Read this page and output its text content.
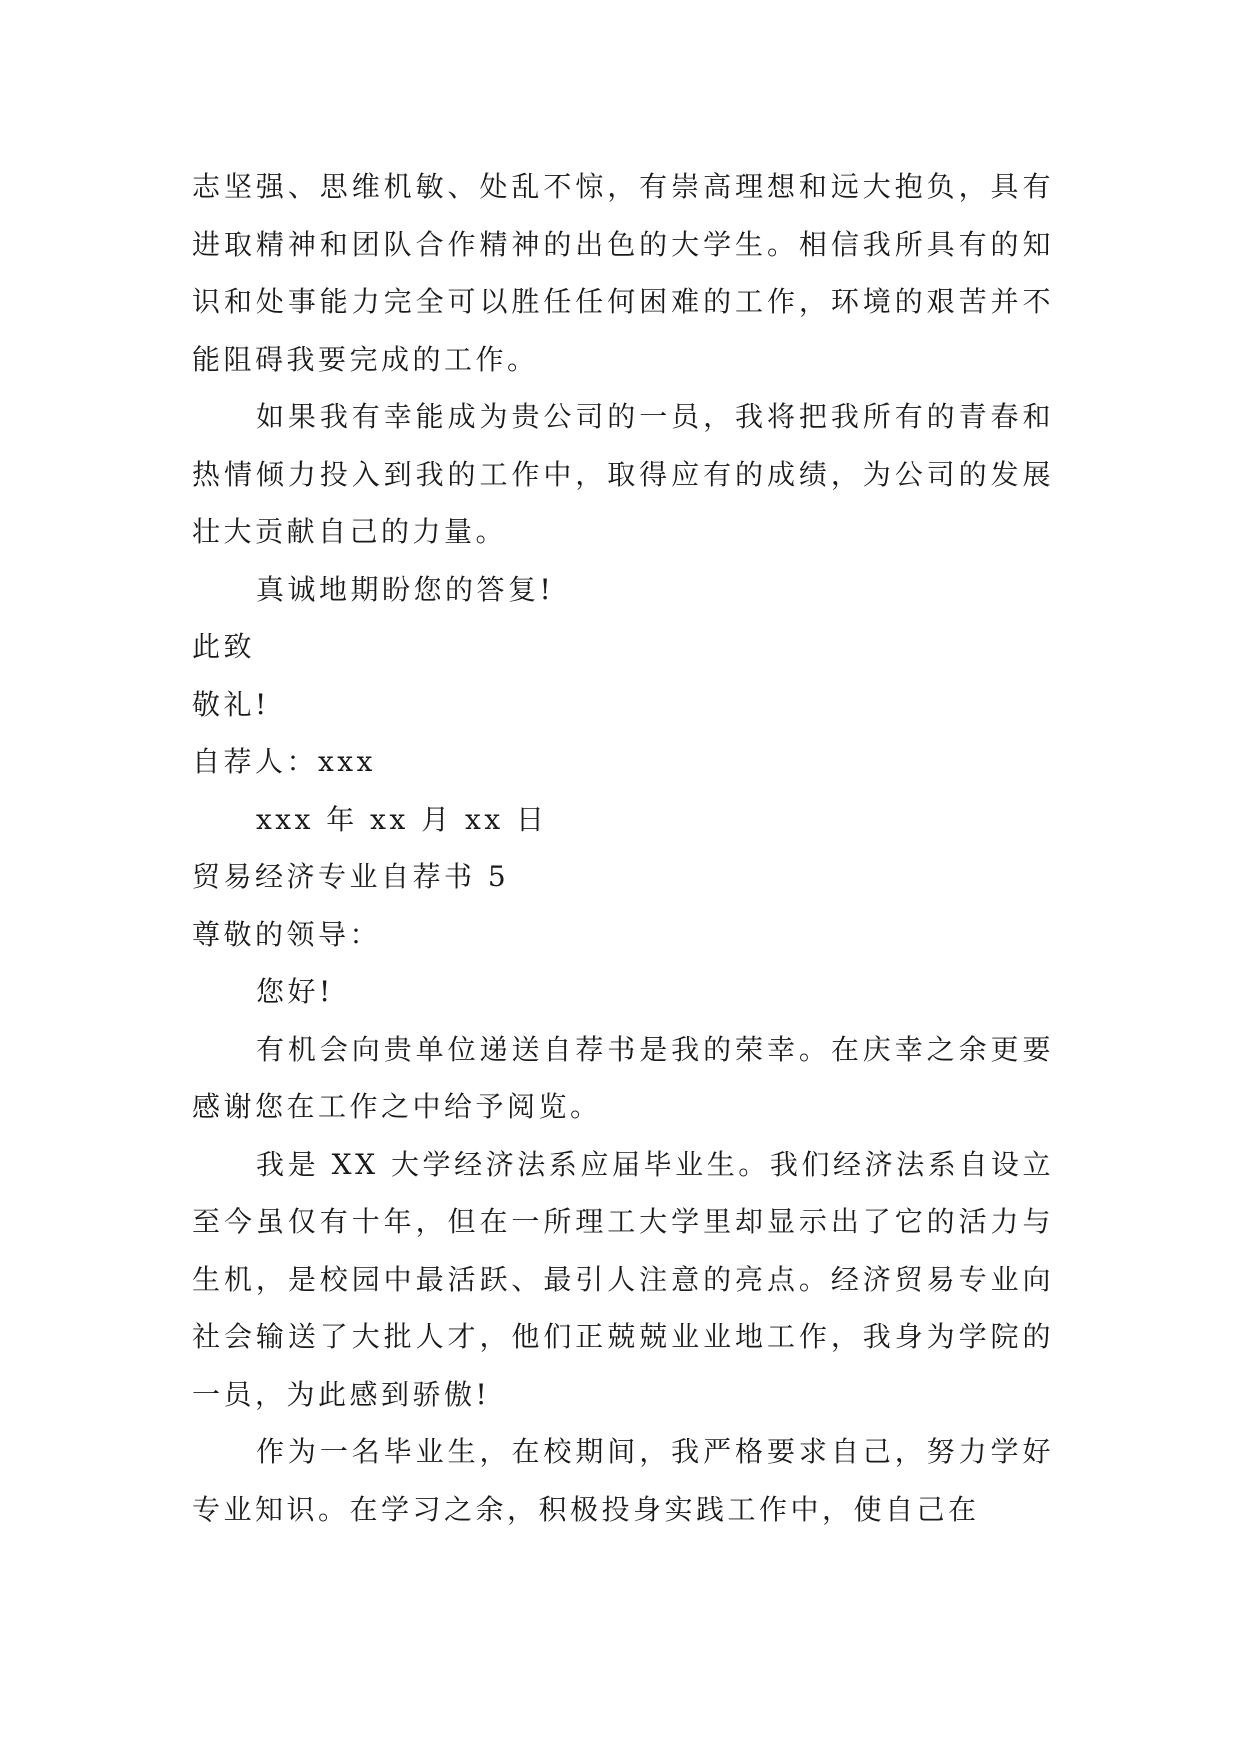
志坚强、思维机敏、处乱不惊，有崇高理想和远大抱负，具有进取精神和团队合作精神的出色的大学生。相信我所具有的知识和处事能力完全可以胜任任何困难的工作，环境的艰苦并不能阻碍我要完成的工作。

如果我有幸能成为贵公司的一员，我将把我所有的青春和热情倾力投入到我的工作中，取得应有的成绩，为公司的发展壮大贡献自己的力量。

真诚地期盼您的答复!

此致

敬礼!

自荐人：xxx

xxx 年 xx 月 xx 日

贸易经济专业自荐书 5

尊敬的领导：

您好!

有机会向贵单位递送自荐书是我的荣幸。在庆幸之余更要感谢您在工作之中给予阅览。

我是 XX 大学经济法系应届毕业生。我们经济法系自设立至今虽仅有十年，但在一所理工大学里却显示出了它的活力与生机，是校园中最活跃、最引人注意的亮点。经济贸易专业向社会输送了大批人才，他们正兢兢业业地工作，我身为学院的一员，为此感到骄傲!

作为一名毕业生，在校期间，我严格要求自己，努力学好专业知识。在学习之余，积极投身实践工作中，使自己在
